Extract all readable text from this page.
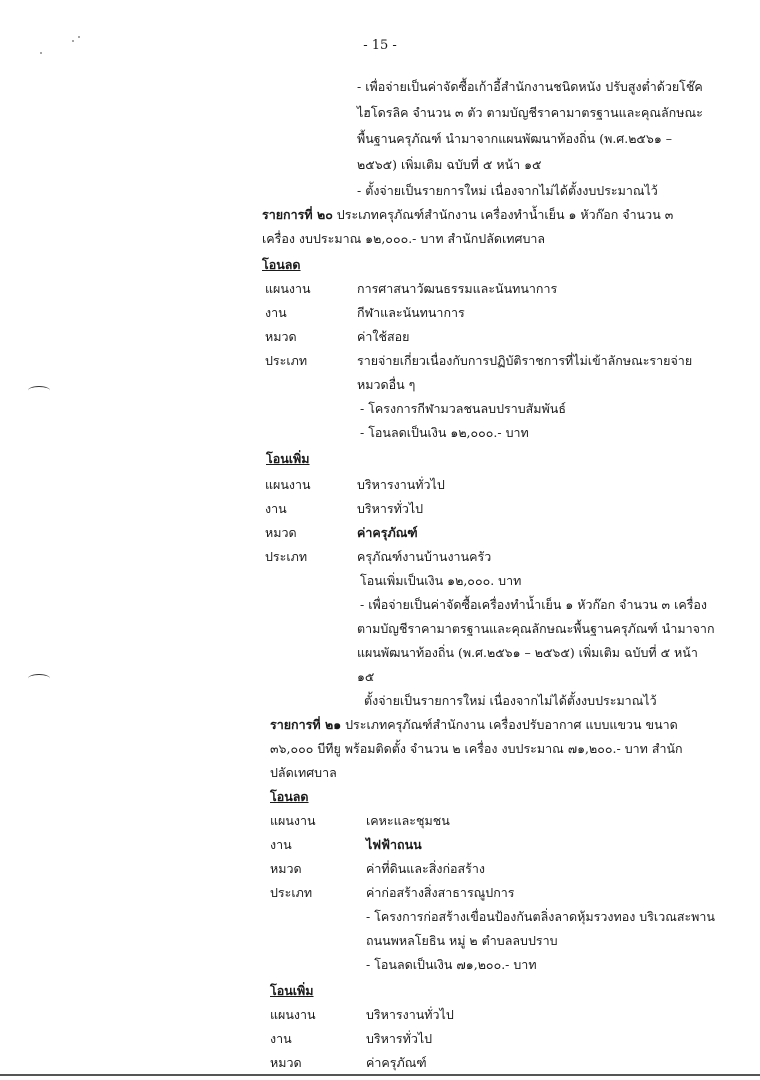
- 15 -
- เพื่อจ่ายเป็นค่าจัดซื้อเก้าอี้สำนักงานชนิดหนัง ปรับสูงต่ำด้วยโช๊ค
ไฮโดรลิค จำนวน ๓ ตัว ตามบัญชีราคามาตรฐานและคุณลักษณะ
พื้นฐานครุภัณฑ์ นำมาจากแผนพัฒนาท้องถิ่น (พ.ศ.๒๕๖๑ –
๒๕๖๕) เพิ่มเติม ฉบับที่ ๕ หน้า ๑๕
- ตั้งจ่ายเป็นรายการใหม่ เนื่องจากไม่ได้ตั้งงบประมาณไว้
รายการที่ ๒๐ ประเภทครุภัณฑ์สำนักงาน เครื่องทำน้ำเย็น ๑ หัวก๊อก จำนวน ๓
เครื่อง งบประมาณ ๑๒,๐๐๐.- บาท สำนักปลัดเทศบาล
โอนลด
แผนงาน	การศาสนาวัฒนธรรมและนันทนาการ
งาน	กีฬาและนันทนาการ
หมวด	ค่าใช้สอย
ประเภท	รายจ่ายเกี่ยวเนื่องกับการปฏิบัติราชการที่ไม่เข้าลักษณะรายจ่าย
หมวดอื่น ๆ
- โครงการกีฬามวลชนลบปราบสัมพันธ์
- โอนลดเป็นเงิน ๑๒,๐๐๐.- บาท
โอนเพิ่ม
แผนงาน	บริหารงานทั่วไป
งาน	บริหารทั่วไป
หมวด	ค่าครุภัณฑ์
ประเภท	ครุภัณฑ์งานบ้านงานครัว
โอนเพิ่มเป็นเงิน ๑๒,๐๐๐. บาท
- เพื่อจ่ายเป็นค่าจัดซื้อเครื่องทำน้ำเย็น ๑ หัวก๊อก จำนวน ๓ เครื่อง
ตามบัญชีราคามาตรฐานและคุณลักษณะพื้นฐานครุภัณฑ์ นำมาจาก
แผนพัฒนาท้องถิ่น (พ.ศ.๒๕๖๑ – ๒๕๖๕) เพิ่มเติม ฉบับที่ ๕ หน้า
๑๕
ตั้งจ่ายเป็นรายการใหม่ เนื่องจากไม่ได้ตั้งงบประมาณไว้
รายการที่ ๒๑ ประเภทครุภัณฑ์สำนักงาน เครื่องปรับอากาศ แบบแขวน ขนาด
๓๖,๐๐๐ บีทียู พร้อมติดตั้ง จำนวน ๒ เครื่อง งบประมาณ ๗๑,๒๐๐.- บาท สำนัก
ปลัดเทศบาล
โอนลด
แผนงาน	เคหะและชุมชน
งาน	ไฟฟ้าถนน
หมวด	ค่าที่ดินและสิ่งก่อสร้าง
ประเภท	ค่าก่อสร้างสิ่งสาธารณูปการ
- โครงการก่อสร้างเขื่อนป้องกันตลิ่งลาดหุ้มรวงทอง บริเวณสะพาน
ถนนพหลโยธิน หมู่ ๒ ตำบลลบปราบ
- โอนลดเป็นเงิน ๗๑,๒๐๐.- บาท
โอนเพิ่ม
แผนงาน	บริหารงานทั่วไป
งาน	บริหารทั่วไป
หมวด	ค่าครุภัณฑ์
